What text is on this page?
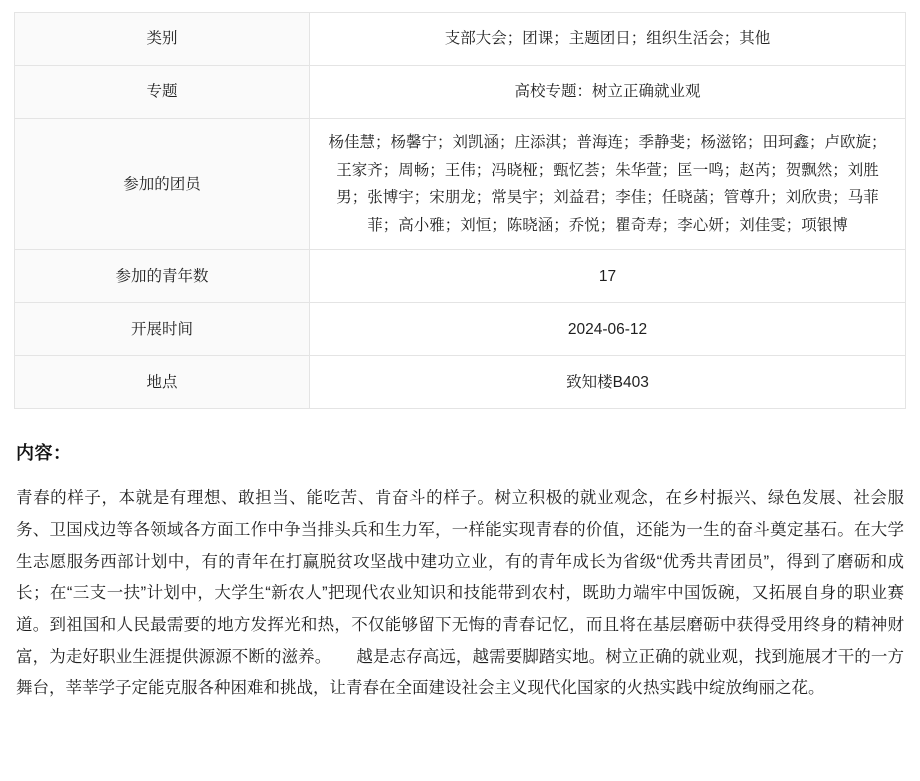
类别	支部大会；团课；主题团日；组织生活会；其他
专题	高校专题：树立正确就业观
参加的团员	杨佳慧；杨馨宁；刘凯涵；庄添淇；普海连；季静斐；杨滋铭；田珂鑫；卢欧旋；王家齐；周畅；王伟；冯晓桠；甄忆荟；朱华萱；匡一鸣；赵芮；贺飘然；刘胜男；张博宇；宋朋龙；常昊宇；刘益君；李佳；任晓菡；管尊升；刘欣贵；马菲菲；高小雅；刘恒；陈晓涵；乔悦；瞿奇寿；李心妍；刘佳雯；项银博
参加的青年数	17
开展时间	2024-06-12
地点	致知楼B403
内容：
青春的样子，本就是有理想、敢担当、能吃苦、肯奋斗的样子。树立积极的就业观念，在乡村振兴、绿色发展、社会服务、卫国戍边等各领域各方面工作中争当排头兵和生力军，一样能实现青春的价值，还能为一生的奋斗奠定基石。在大学生志愿服务西部计划中，有的青年在打赢脱贫攻坚战中建功立业，有的青年成长为省级“优秀共青团员”，得到了磨砺和成长；在“三支一扶”计划中，大学生“新农人”把现代农业知识和技能带到农村，既助力端牢中国饭碗，又拓展自身的职业赛道。到祖国和人民最需要的地方发挥光和热，不仅能够留下无悔的青春记忆，而且将在基层磨砺中获得受用终身的精神财富，为走好职业生涯提供源源不断的滋养。　　越是志存高远，越需要脚踏实地。树立正确的就业观，找到施展才干的一方舞台，莘莘学子定能克服各种困难和挑战，让青春在全面建设社会主义现代化国家的火热实践中绽放绚丽之花。
